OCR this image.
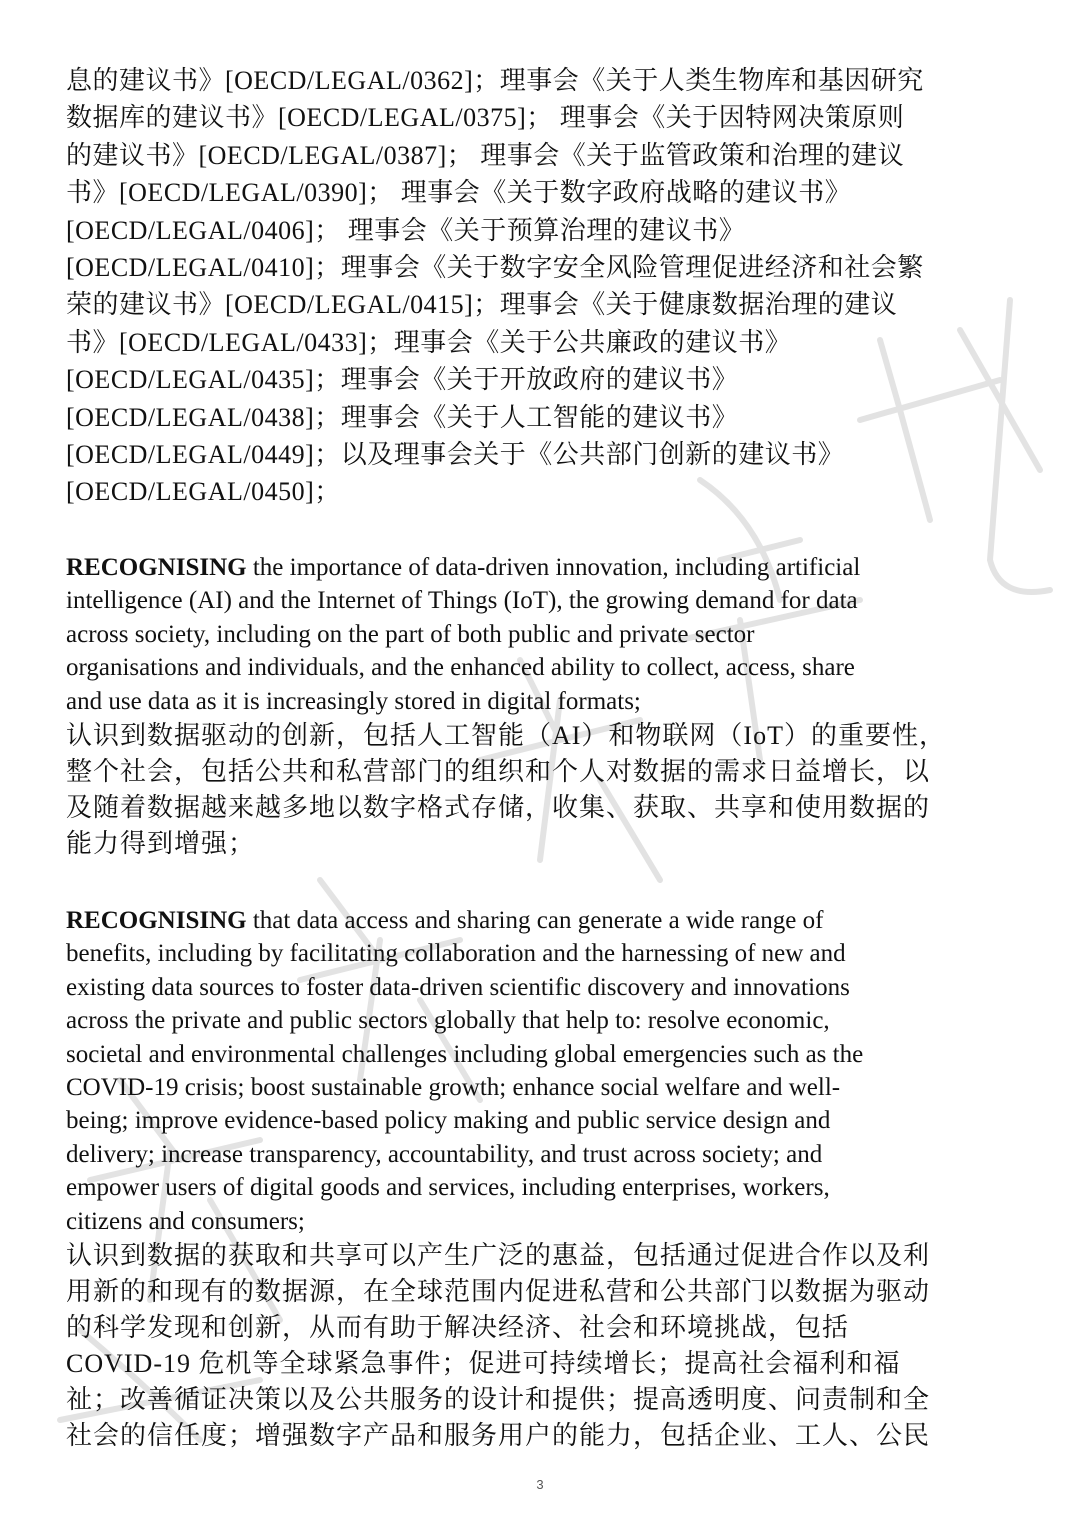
息的建议书》[OECD/LEGAL/0362]；理事会《关于人类生物库和基因研究
数据库的建议书》[OECD/LEGAL/0375]； 理事会《关于因特网决策原则
的建议书》[OECD/LEGAL/0387]； 理事会《关于监管政策和治理的建议
书》[OECD/LEGAL/0390]； 理事会《关于数字政府战略的建议书》
[OECD/LEGAL/0406]； 理事会《关于预算治理的建议书》
[OECD/LEGAL/0410]；理事会《关于数字安全风险管理促进经济和社会繁
荣的建议书》[OECD/LEGAL/0415]；理事会《关于健康数据治理的建议
书》[OECD/LEGAL/0433]；理事会《关于公共廉政的建议书》
[OECD/LEGAL/0435]；理事会《关于开放政府的建议书》
[OECD/LEGAL/0438]；理事会《关于人工智能的建议书》
[OECD/LEGAL/0449]；以及理事会关于《公共部门创新的建议书》
[OECD/LEGAL/0450]；
RECOGNISING the importance of data-driven innovation, including artificial
intelligence (AI) and the Internet of Things (IoT), the growing demand for data
across society, including on the part of both public and private sector
organisations and individuals, and the enhanced ability to collect, access, share
and use data as it is increasingly stored in digital formats;
认识到数据驱动的创新，包括人工智能（AI）和物联网（IoT）的重要性，
整个社会，包括公共和私营部门的组织和个人对数据的需求日益增长，以
及随着数据越来越多地以数字格式存储，收集、获取、共享和使用数据的
能力得到增强；
RECOGNISING that data access and sharing can generate a wide range of
benefits, including by facilitating collaboration and the harnessing of new and
existing data sources to foster data-driven scientific discovery and innovations
across the private and public sectors globally that help to: resolve economic,
societal and environmental challenges including global emergencies such as the
COVID-19 crisis; boost sustainable growth; enhance social welfare and well-
being; improve evidence-based policy making and public service design and
delivery; increase transparency, accountability, and trust across society; and
empower users of digital goods and services, including enterprises, workers,
citizens and consumers;
认识到数据的获取和共享可以产生广泛的惠益，包括通过促进合作以及利
用新的和现有的数据源，在全球范围内促进私营和公共部门以数据为驱动
的科学发现和创新，从而有助于解决经济、社会和环境挑战，包括
COVID-19 危机等全球紧急事件；促进可持续增长；提高社会福利和福
祉；改善循证决策以及公共服务的设计和提供；提高透明度、问责制和全
社会的信任度；增强数字产品和服务用户的能力，包括企业、工人、公民
3
